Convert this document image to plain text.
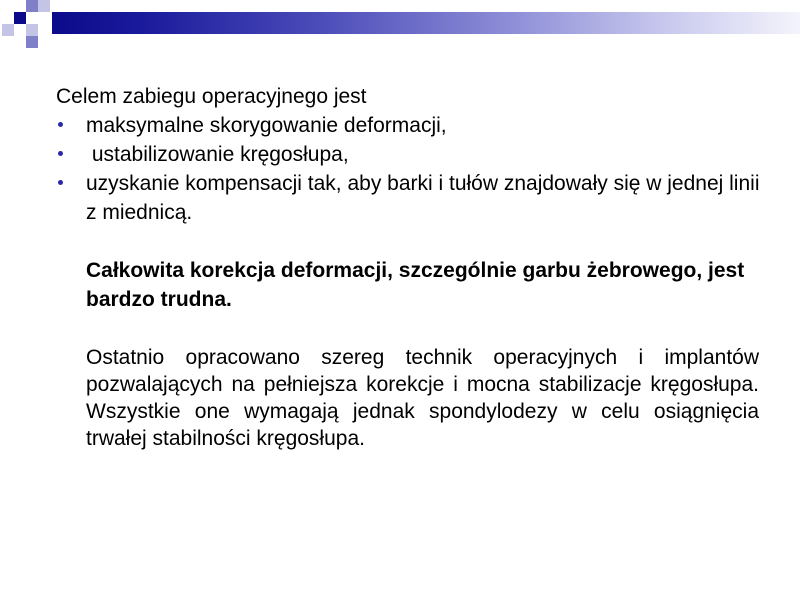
Celem zabiegu operacyjnego jest

maksymalne skorygowanie deformacji,
ustabilizowanie kręgosłupa,
uzyskanie kompensacji tak, aby barki i tułów znajdowały się w jednej linii z miednicą.

Całkowita korekcja deformacji, szczególnie garbu żebrowego, jest bardzo trudna.

Ostatnio opracowano szereg technik operacyjnych i implantów pozwalających na pełniejsza korekcje i mocna stabilizacje kręgosłupa. Wszystkie one wymagają jednak spondylodezy w celu osiągnięcia trwałej stabilności kręgosłupa.
